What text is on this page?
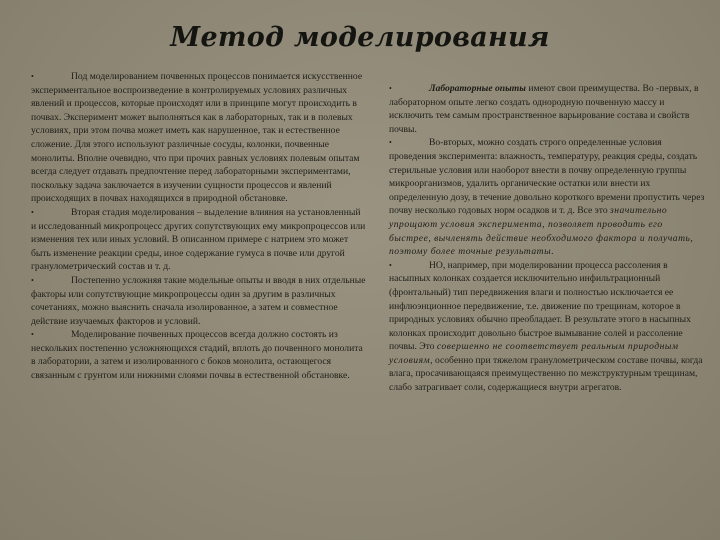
Метод моделирования

•	Под моделированием почвенных процессов понимается искусственное экспериментальное воспроизведение в контролируемых условиях различных явлений и процессов, которые происходят или в принципе могут происходить в почвах. Эксперимент может выполняться как в лабораторных, так и в полевых условиях, при этом почва может иметь как нарушенное, так и естественное сложение. Для этого используют различные сосуды, колонки, почвенные монолиты. Вполне очевидно, что при прочих равных условиях полевым опытам всегда следует отдавать предпочтение перед лабораторными экспериментами, поскольку задача заключается в изучении сущности процессов и явлений происходящих в почвах находящихся в природной обстановке.

•	Вторая стадия моделирования – выделение влияния на установленный и исследованный микропроцесс других сопутствующих ему микропроцессов или изменения тех или иных условий. В описанном примере с натрием это может быть изменение реакции среды, иное содержание гумуса в почве или другой гранулометрический состав и т. д.

•	Постепенно усложняя такие модельные опыты и вводя в них отдельные факторы или сопутствующие микропроцессы один за другим в различных сочетаниях, можно выяснить сначала изолированное, а затем и совместное действие изучаемых факторов и условий.

•	Моделирование почвенных процессов всегда должно состоять из нескольких постепенно усложняющихся стадий, вплоть до почвенного монолита в лаборатории, а затем и изолированного с боков монолита, остающегося связанным с грунтом или нижними слоями почвы в естественной обстановке.

•	Лабораторные опыты имеют свои преимущества. Во -первых, в лабораторном опыте легко создать однородную почвенную массу и исключить тем самым пространственное варьирование состава и свойств почвы.

•	Во-вторых, можно создать строго определенные условия проведения эксперимента: влажность, температуру, реакция среды, создать стерильные условия или наоборот внести в почву определенную группы микроорганизмов, удалить органические остатки или внести их определенную дозу, в течение довольно короткого времени пропустить через почву несколько годовых норм осадков и т. д. Все это значительно упрощают условия эксперимента, позволяет проводить его быстрее, вычленять действие необходимого фактора и получать, поэтому более точные результаты.

•	НО, например, при моделировании процесса рассоления в насыпных колонках создается исключительно инфильтрационный (фронтальный) тип передвижения влаги и полностью исключается ее инфлюэнционное передвижение, т.е. движение по трещинам, которое в природных условиях обычно преобладает. В результате этого в насыпных колонках происходит довольно быстрое вымывание солей и рассоление почвы. Это совершенно не соответствует реальным природным условиям, особенно при тяжелом гранулометрическом составе почвы, когда влага, просачивающаяся преимущественно по межструктурным трещинам, слабо затрагивает соли, содержащиеся внутри агрегатов.
